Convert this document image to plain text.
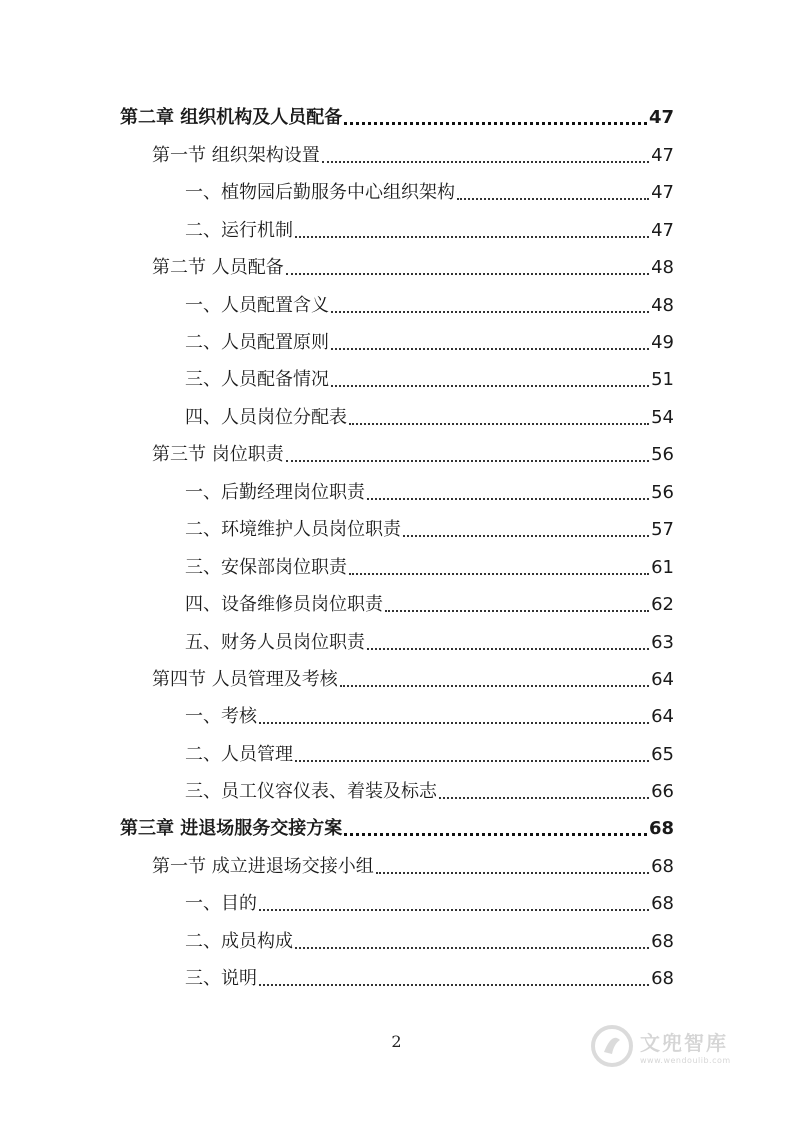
第二章 组织机构及人员配备	47
第一节 组织架构设置	47
一、植物园后勤服务中心组织架构	47
二、运行机制	47
第二节 人员配备	48
一、人员配置含义	48
二、人员配置原则	49
三、人员配备情况	51
四、人员岗位分配表	54
第三节 岗位职责	56
一、后勤经理岗位职责	56
二、环境维护人员岗位职责	57
三、安保部岗位职责	61
四、设备维修员岗位职责	62
五、财务人员岗位职责	63
第四节 人员管理及考核	64
一、考核	64
二、人员管理	65
三、员工仪容仪表、着装及标志	66
第三章 进退场服务交接方案	68
第一节 成立进退场交接小组	68
一、目的	68
二、成员构成	68
三、说明	68
2	文兜智库
www.wendoulib.com
